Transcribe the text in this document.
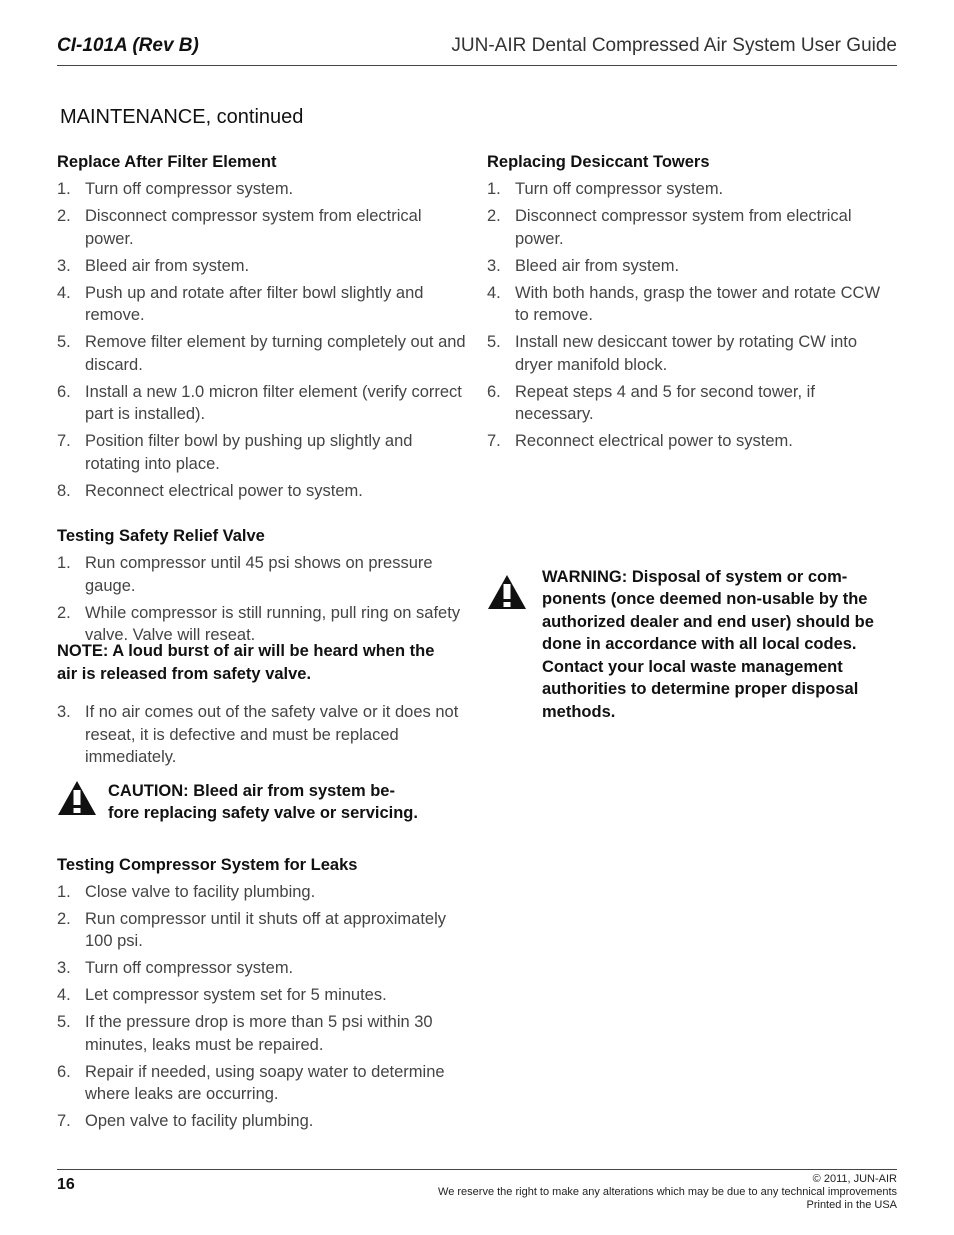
CI-101A (Rev B)	JUN-AIR Dental Compressed Air System User Guide
MAINTENANCE, continued
Replace After Filter Element
1. Turn off compressor system.
2. Disconnect compressor system from electrical power.
3. Bleed air from system.
4. Push up and rotate after filter bowl slightly and remove.
5. Remove filter element by turning completely out and discard.
6. Install a new 1.0 micron filter element (verify correct part is installed).
7. Position filter bowl by pushing up slightly and rotating into place.
8. Reconnect electrical power to system.
Testing Safety Relief Valve
1. Run compressor until 45 psi shows on pressure gauge.
2. While compressor is still running, pull ring on safety valve. Valve will reseat.

NOTE: A loud burst of air will be heard when the air is released from safety valve.

3. If no air comes out of the safety valve or it does not reseat, it is defective and must be replaced immediately.
CAUTION: Bleed air from system be-fore replacing safety valve or servicing.
Testing Compressor System for Leaks
1. Close valve to facility plumbing.
2. Run compressor until it shuts off at approximately 100 psi.
3. Turn off compressor system.
4. Let compressor system set for 5 minutes.
5. If the pressure drop is more than 5 psi within 30 minutes, leaks must be repaired.
6. Repair if needed, using soapy water to determine where leaks are occurring.
7. Open valve to facility plumbing.
Replacing Desiccant Towers
1. Turn off compressor system.
2. Disconnect compressor system from electrical power.
3. Bleed air from system.
4. With both hands, grasp the tower and rotate CCW to remove.
5. Install new desiccant tower by rotating CW into dryer manifold block.
6. Repeat steps 4 and 5 for second tower, if necessary.
7. Reconnect electrical power to system.
WARNING: Disposal of system or com-ponents (once deemed non-usable by the authorized dealer and end user) should be done in accordance with all local codes. Contact your local waste management authorities to determine proper disposal methods.
16	© 2011, JUN-AIR
We reserve the right to make any alterations which may be due to any technical improvements
Printed in the USA
